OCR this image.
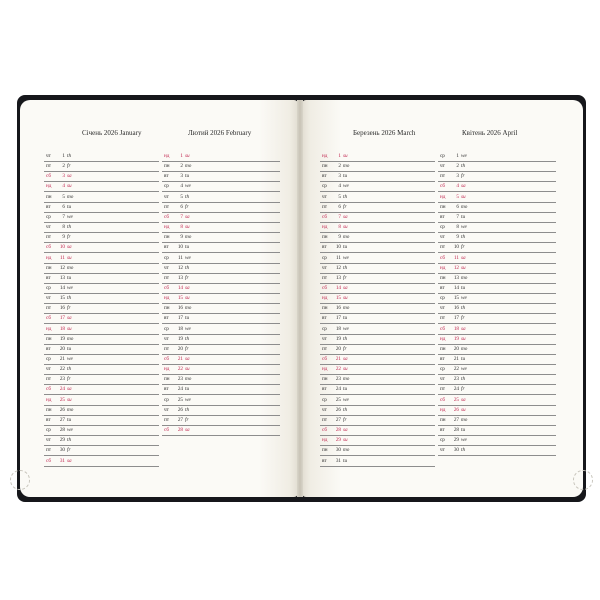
Січень 2026 January	Лютий 2026 February	Березень 2026 March	Квітень 2026 April
чт	1 th
пт	2 fr
сб	3 sa
нд	4 su
пн	5 mo
вт	6 tu
ср	7 we
чт	8 th
пт	9 fr
сб	10 sa
нд	11 su
пн	12 mo
вт	13 tu
ср	14 we
чт	15 th
пт	16 fr
сб	17 sa
нд	18 su
пн	19 mo
вт	20 tu
ср	21 we
чт	22 th
пт	23 fr
сб	24 sa
нд	25 su
пн	26 mo
вт	27 tu
ср	28 we
чт	29 th
пт	30 fr
сб	31 sa
нд	1 su
пн	2 mo
вт	3 tu
ср	4 we
чт	5 th
пт	6 fr
сб	7 sa
нд	8 su
пн	9 mo
вт	10 tu
ср	11 we
чт	12 th
пт	13 fr
сб	14 sa
нд	15 su
пн	16 mo
вт	17 tu
ср	18 we
чт	19 th
пт	20 fr
сб	21 sa
нд	22 su
пн	23 mo
вт	24 tu
ср	25 we
чт	26 th
пт	27 fr
сб	28 sa
нд	1 su
пн	2 mo
вт	3 tu
ср	4 we
чт	5 th
пт	6 fr
сб	7 sa
нд	8 su
пн	9 mo
вт	10 tu
ср	11 we
чт	12 th
пт	13 fr
сб	14 sa
нд	15 su
пн	16 mo
вт	17 tu
ср	18 we
чт	19 th
пт	20 fr
сб	21 sa
нд	22 su
пн	23 mo
вт	24 tu
ср	25 we
чт	26 th
пт	27 fr
сб	28 sa
нд	29 su
пн	30 mo
вт	31 tu
ср	1 we
чт	2 th
пт	3 fr
сб	4 sa
нд	5 su
пн	6 mo
вт	7 tu
ср	8 we
чт	9 th
пт	10 fr
сб	11 sa
нд	12 su
пн	13 mo
вт	14 tu
ср	15 we
чт	16 th
пт	17 fr
сб	18 sa
нд	19 su
пн	20 mo
вт	21 tu
ср	22 we
чт	23 th
пт	24 fr
сб	25 sa
нд	26 su
пн	27 mo
вт	28 tu
ср	29 we
чт	30 th
